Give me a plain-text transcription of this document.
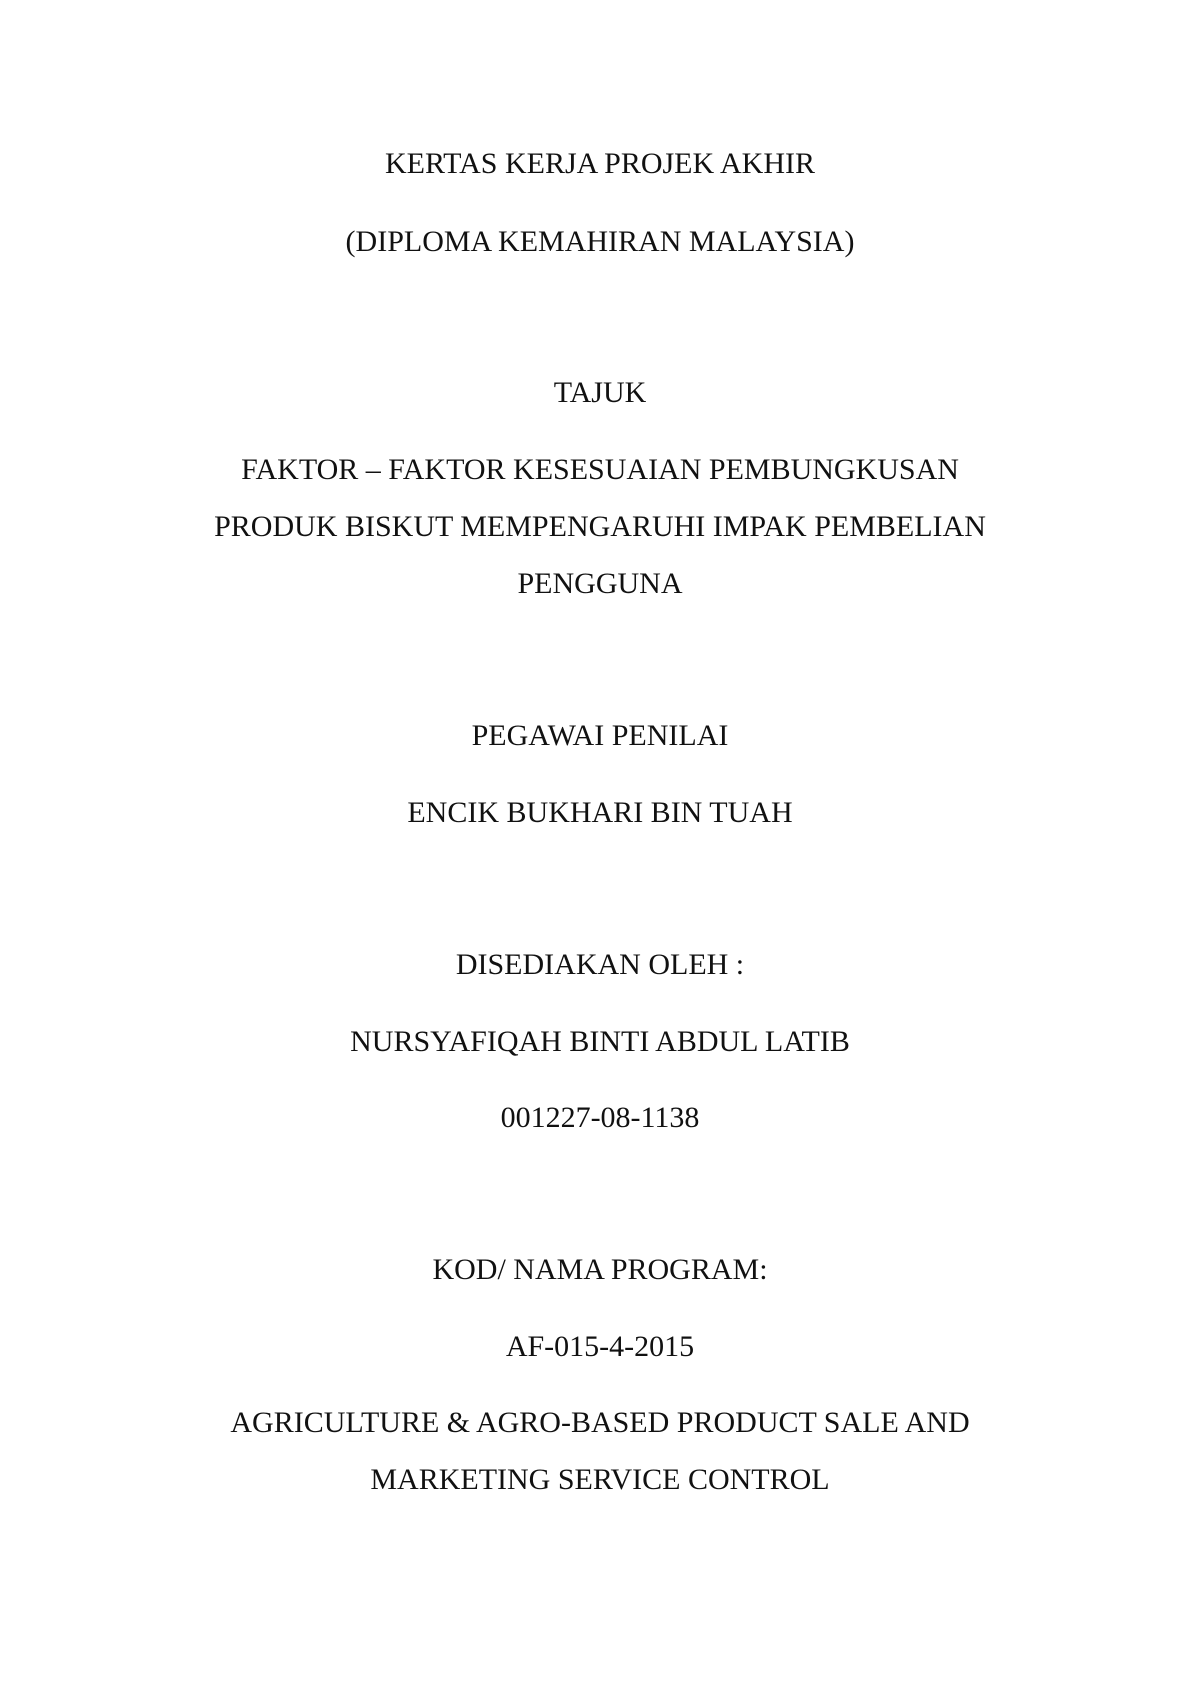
KERTAS KERJA PROJEK AKHIR
(DIPLOMA KEMAHIRAN MALAYSIA)
TAJUK
FAKTOR – FAKTOR KESESUAIAN PEMBUNGKUSAN
PRODUK BISKUT MEMPENGARUHI IMPAK PEMBELIAN
PENGGUNA
PEGAWAI PENILAI
ENCIK BUKHARI BIN TUAH
DISEDIAKAN OLEH :
NURSYAFIQAH BINTI ABDUL LATIB
001227-08-1138
KOD/ NAMA PROGRAM:
AF-015-4-2015
AGRICULTURE & AGRO-BASED PRODUCT SALE AND
MARKETING SERVICE CONTROL
